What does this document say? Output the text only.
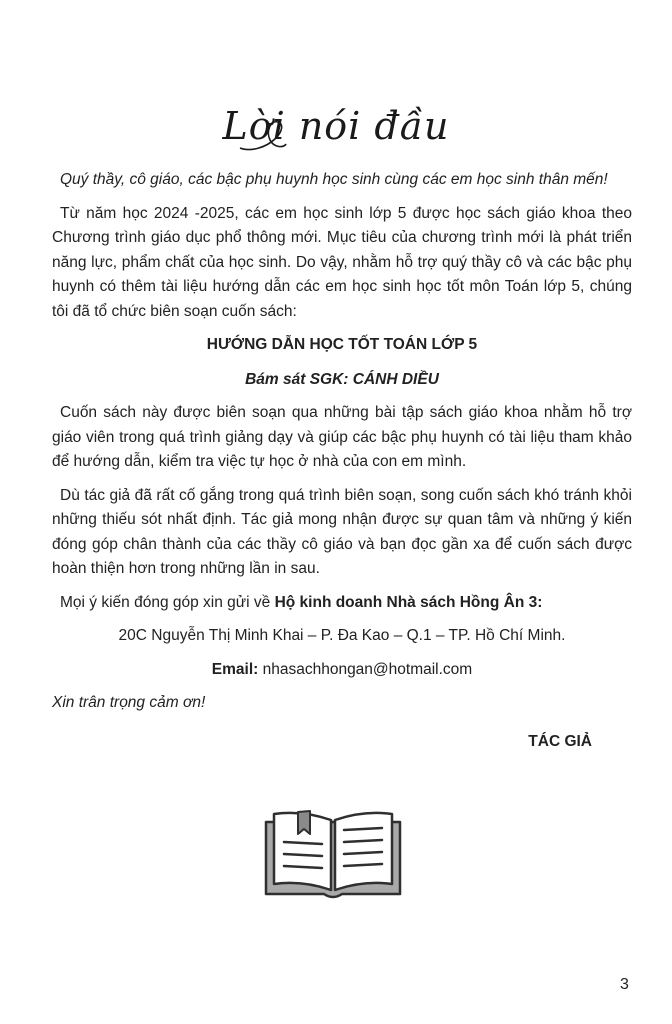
Lời nói đầu

Quý thầy, cô giáo, các bậc phụ huynh học sinh cùng các em học sinh thân mến!

Từ năm học 2024 -2025, các em học sinh lớp 5 được học sách giáo khoa theo Chương trình giáo dục phổ thông mới. Mục tiêu của chương trình mới là phát triển năng lực, phẩm chất của học sinh. Do vậy, nhằm hỗ trợ quý thầy cô và các bậc phụ huynh có thêm tài liệu hướng dẫn các em học sinh học tốt môn Toán lớp 5, chúng tôi đã tổ chức biên soạn cuốn sách:

HƯỚNG DẪN HỌC TỐT TOÁN LỚP 5

Bám sát SGK: CÁNH DIỀU

Cuốn sách này được biên soạn qua những bài tập sách giáo khoa nhằm hỗ trợ giáo viên trong quá trình giảng dạy và giúp các bậc phụ huynh có tài liệu tham khảo để hướng dẫn, kiểm tra việc tự học ở nhà của con em mình.

Dù tác giả đã rất cố gắng trong quá trình biên soạn, song cuốn sách khó tránh khỏi những thiếu sót nhất định. Tác giả mong nhận được sự quan tâm và những ý kiến đóng góp chân thành của các thầy cô giáo và bạn đọc gần xa để cuốn sách được hoàn thiện hơn trong những lần in sau.

Mọi ý kiến đóng góp xin gửi về Hộ kinh doanh Nhà sách Hồng Ân 3:

20C Nguyễn Thị Minh Khai – P. Đa Kao – Q.1 – TP. Hồ Chí Minh.

Email: nhasachhongan@hotmail.com

Xin trân trọng cảm ơn!

TÁC GIẢ

3
